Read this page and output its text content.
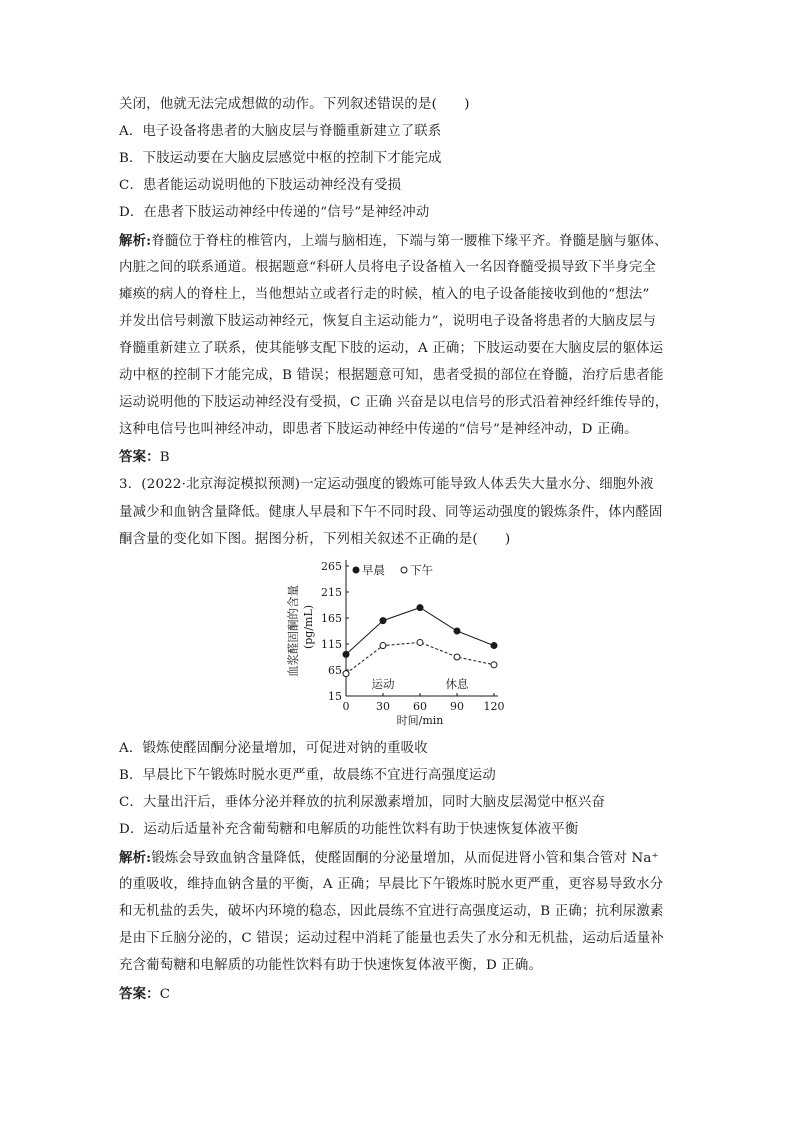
关闭，他就无法完成想做的动作。下列叙述错误的是(　　)
A．电子设备将患者的大脑皮层与脊髓重新建立了联系
B．下肢运动要在大脑皮层感觉中枢的控制下才能完成
C．患者能运动说明他的下肢运动神经没有受损
D．在患者下肢运动神经中传递的“信号”是神经冲动
解析:脊髓位于脊柱的椎管内，上端与脑相连，下端与第一腰椎下缘平齐。脊髓是脑与躯体、
内脏之间的联系通道。根据题意“科研人员将电子设备植入一名因脊髓受损导致下半身完全
瘫痪的病人的脊柱上，当他想站立或者行走的时候，植入的电子设备能接收到他的“想法”
并发出信号刺激下肢运动神经元，恢复自主运动能力”，说明电子设备将患者的大脑皮层与
脊髓重新建立了联系，使其能够支配下肢的运动，A 正确；下肢运动要在大脑皮层的躯体运
动中枢的控制下才能完成，B 错误；根据题意可知，患者受损的部位在脊髓，治疗后患者能
运动说明他的下肢运动神经没有受损，C 正确 兴奋是以电信号的形式沿着神经纤维传导的，
这种电信号也叫神经冲动，即患者下肢运动神经中传递的“信号”是神经冲动，D 正确。
答案：B
3．(2022·北京海淀模拟预测)一定运动强度的锻炼可能导致人体丢失大量水分、细胞外液
量减少和血钠含量降低。健康人早晨和下午不同时段、同等运动强度的锻炼条件，体内醛固
酮含量的变化如下图。据图分析，下列相关叙述不正确的是(　　)
15
65
115
165
215
265
0 30 60 90 120
时间/min
血浆醛固酮的含量 (pg/mL)
运动	休息
早晨 下午
A．锻炼使醛固酮分泌量增加，可促进对钠的重吸收
B．早晨比下午锻炼时脱水更严重，故晨练不宜进行高强度运动
C．大量出汗后，垂体分泌并释放的抗利尿激素增加，同时大脑皮层渴觉中枢兴奋
D．运动后适量补充含葡萄糖和电解质的功能性饮料有助于快速恢复体液平衡
解析:锻炼会导致血钠含量降低，使醛固酮的分泌量增加，从而促进肾小管和集合管对 Na⁺
的重吸收，维持血钠含量的平衡，A 正确；早晨比下午锻炼时脱水更严重，更容易导致水分
和无机盐的丢失，破坏内环境的稳态，因此晨练不宜进行高强度运动，B 正确；抗利尿激素
是由下丘脑分泌的，C 错误；运动过程中消耗了能量也丢失了水分和无机盐，运动后适量补
充含葡萄糖和电解质的功能性饮料有助于快速恢复体液平衡，D 正确。
答案：C
